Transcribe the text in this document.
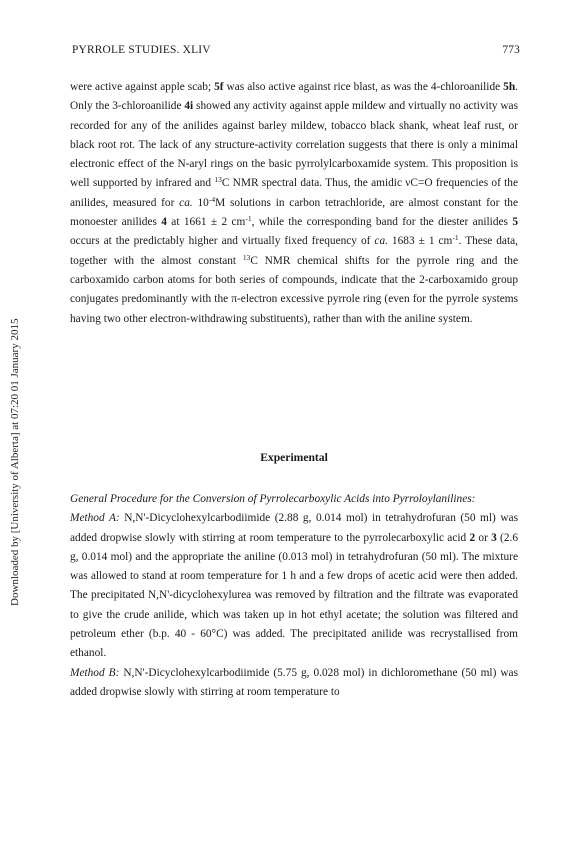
PYRROLE STUDIES. XLIV	773
Downloaded by [University of Alberta] at 07:20 01 January 2015

were active against apple scab; 5f was also active against rice blast, as was the 4-chloroanilide 5h. Only the 3-chloroanilide 4i showed any activity against apple mildew and virtually no activity was recorded for any of the anilides against barley mildew, tobacco black shank, wheat leaf rust, or black root rot. The lack of any structure-activity correlation suggests that there is only a minimal electronic effect of the N-aryl rings on the basic pyrrolylcarboxamide system. This proposition is well supported by infrared and $^{13}$C NMR spectral data. Thus, the amidic νC=O frequencies of the anilides, measured for ca. $10^{-4}M$ solutions in carbon tetrachloride, are almost constant for the monoester anilides 4 at 1661 ± 2 $cm^{-1}$, while the corresponding band for the diester anilides 5 occurs at the predictably higher and virtually fixed frequency of ca. 1683 ± 1 $cm^{-1}$. These data, together with the almost constant $^{13}$C NMR chemical shifts for the pyrrole ring and the carboxamido carbon atoms for both series of compounds, indicate that the 2-carboxamido group conjugates predominantly with the π-electron excessive pyrrole ring (even for the pyrrole systems having two other electron-withdrawing substituents), rather than with the aniline system.

Experimental

General Procedure for the Conversion of Pyrrolecarboxylic Acids into Pyrroloylanilines:

Method A: N,N'-Dicyclohexylcarbodiimide (2.88 g, 0.014 mol) in tetrahydrofuran (50 ml) was added dropwise slowly with stirring at room temperature to the pyrrolecarboxylic acid 2 or 3 (2.6 g, 0.014 mol) and the appropriate the aniline (0.013 mol) in tetrahydrofuran (50 ml). The mixture was allowed to stand at room temperature for 1 h and a few drops of acetic acid were then added. The precipitated N,N'-dicyclohexylurea was removed by filtration and the filtrate was evaporated to give the crude anilide, which was taken up in hot ethyl acetate; the solution was filtered and petroleum ether (b.p. 40 - 60°C) was added. The precipitated anilide was recrystallised from ethanol.

Method B: N,N'-Dicyclohexylcarbodiimide (5.75 g, 0.028 mol) in dichloromethane (50 ml) was added dropwise slowly with stirring at room temperature to
